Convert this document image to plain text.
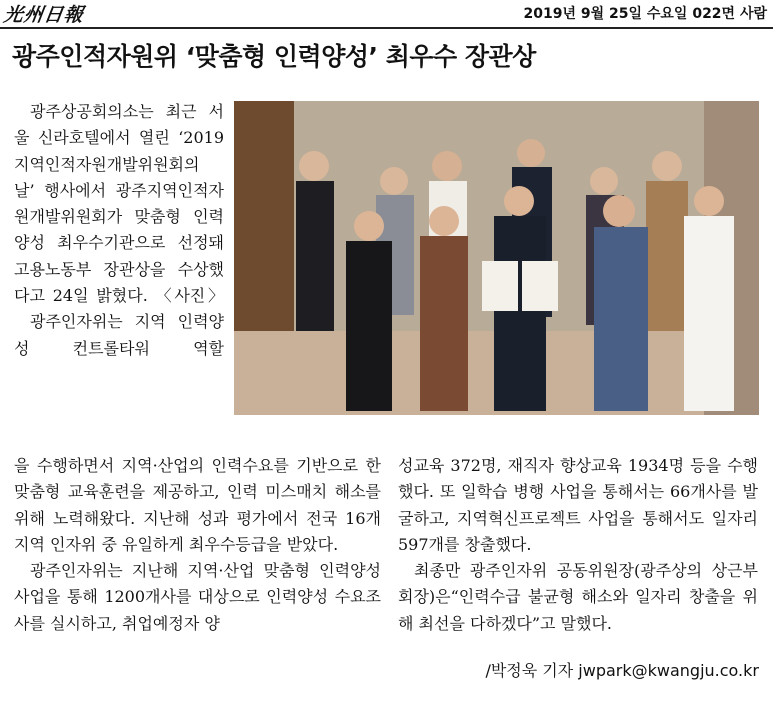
光州日報	2019년 9월 25일 수요일 022면 사람
광주인적자원위 ‘맞춤형 인력양성’ 최우수 장관상

광주상공회의소는 최근 서울 신라호텔에서 열린 ‘2019 지역인적자원개발위원회의 날’ 행사에서 광주지역인적자원개발위원회가 맞춤형 인력양성 최우수기관으로 선정돼 고용노동부 장관상을 수상했다고 24일 밝혔다. 〈사진〉

광주인자위는 지역 인력양성 컨트롤타워 역할

을 수행하면서 지역·산업의 인력수요를 기반으로 한 맞춤형 교육훈련을 제공하고, 인력 미스매치 해소를 위해 노력해왔다. 지난해 성과 평가에서 전국 16개 지역 인자위 중 유일하게 최우수등급을 받았다.

광주인자위는 지난해 지역·산업 맞춤형 인력양성 사업을 통해 1200개사를 대상으로 인력양성 수요조사를 실시하고, 취업예정자 양

성교육 372명, 재직자 향상교육 1934명 등을 수행했다. 또 일학습 병행 사업을 통해서는 66개사를 발굴하고, 지역혁신프로젝트 사업을 통해서도 일자리 597개를 창출했다.

최종만 광주인자위 공동위원장(광주상의 상근부회장)은“인력수급 불균형 해소와 일자리 창출을 위해 최선을 다하겠다”고 말했다.

/박정욱 기자 jwpark@kwangju.co.kr
